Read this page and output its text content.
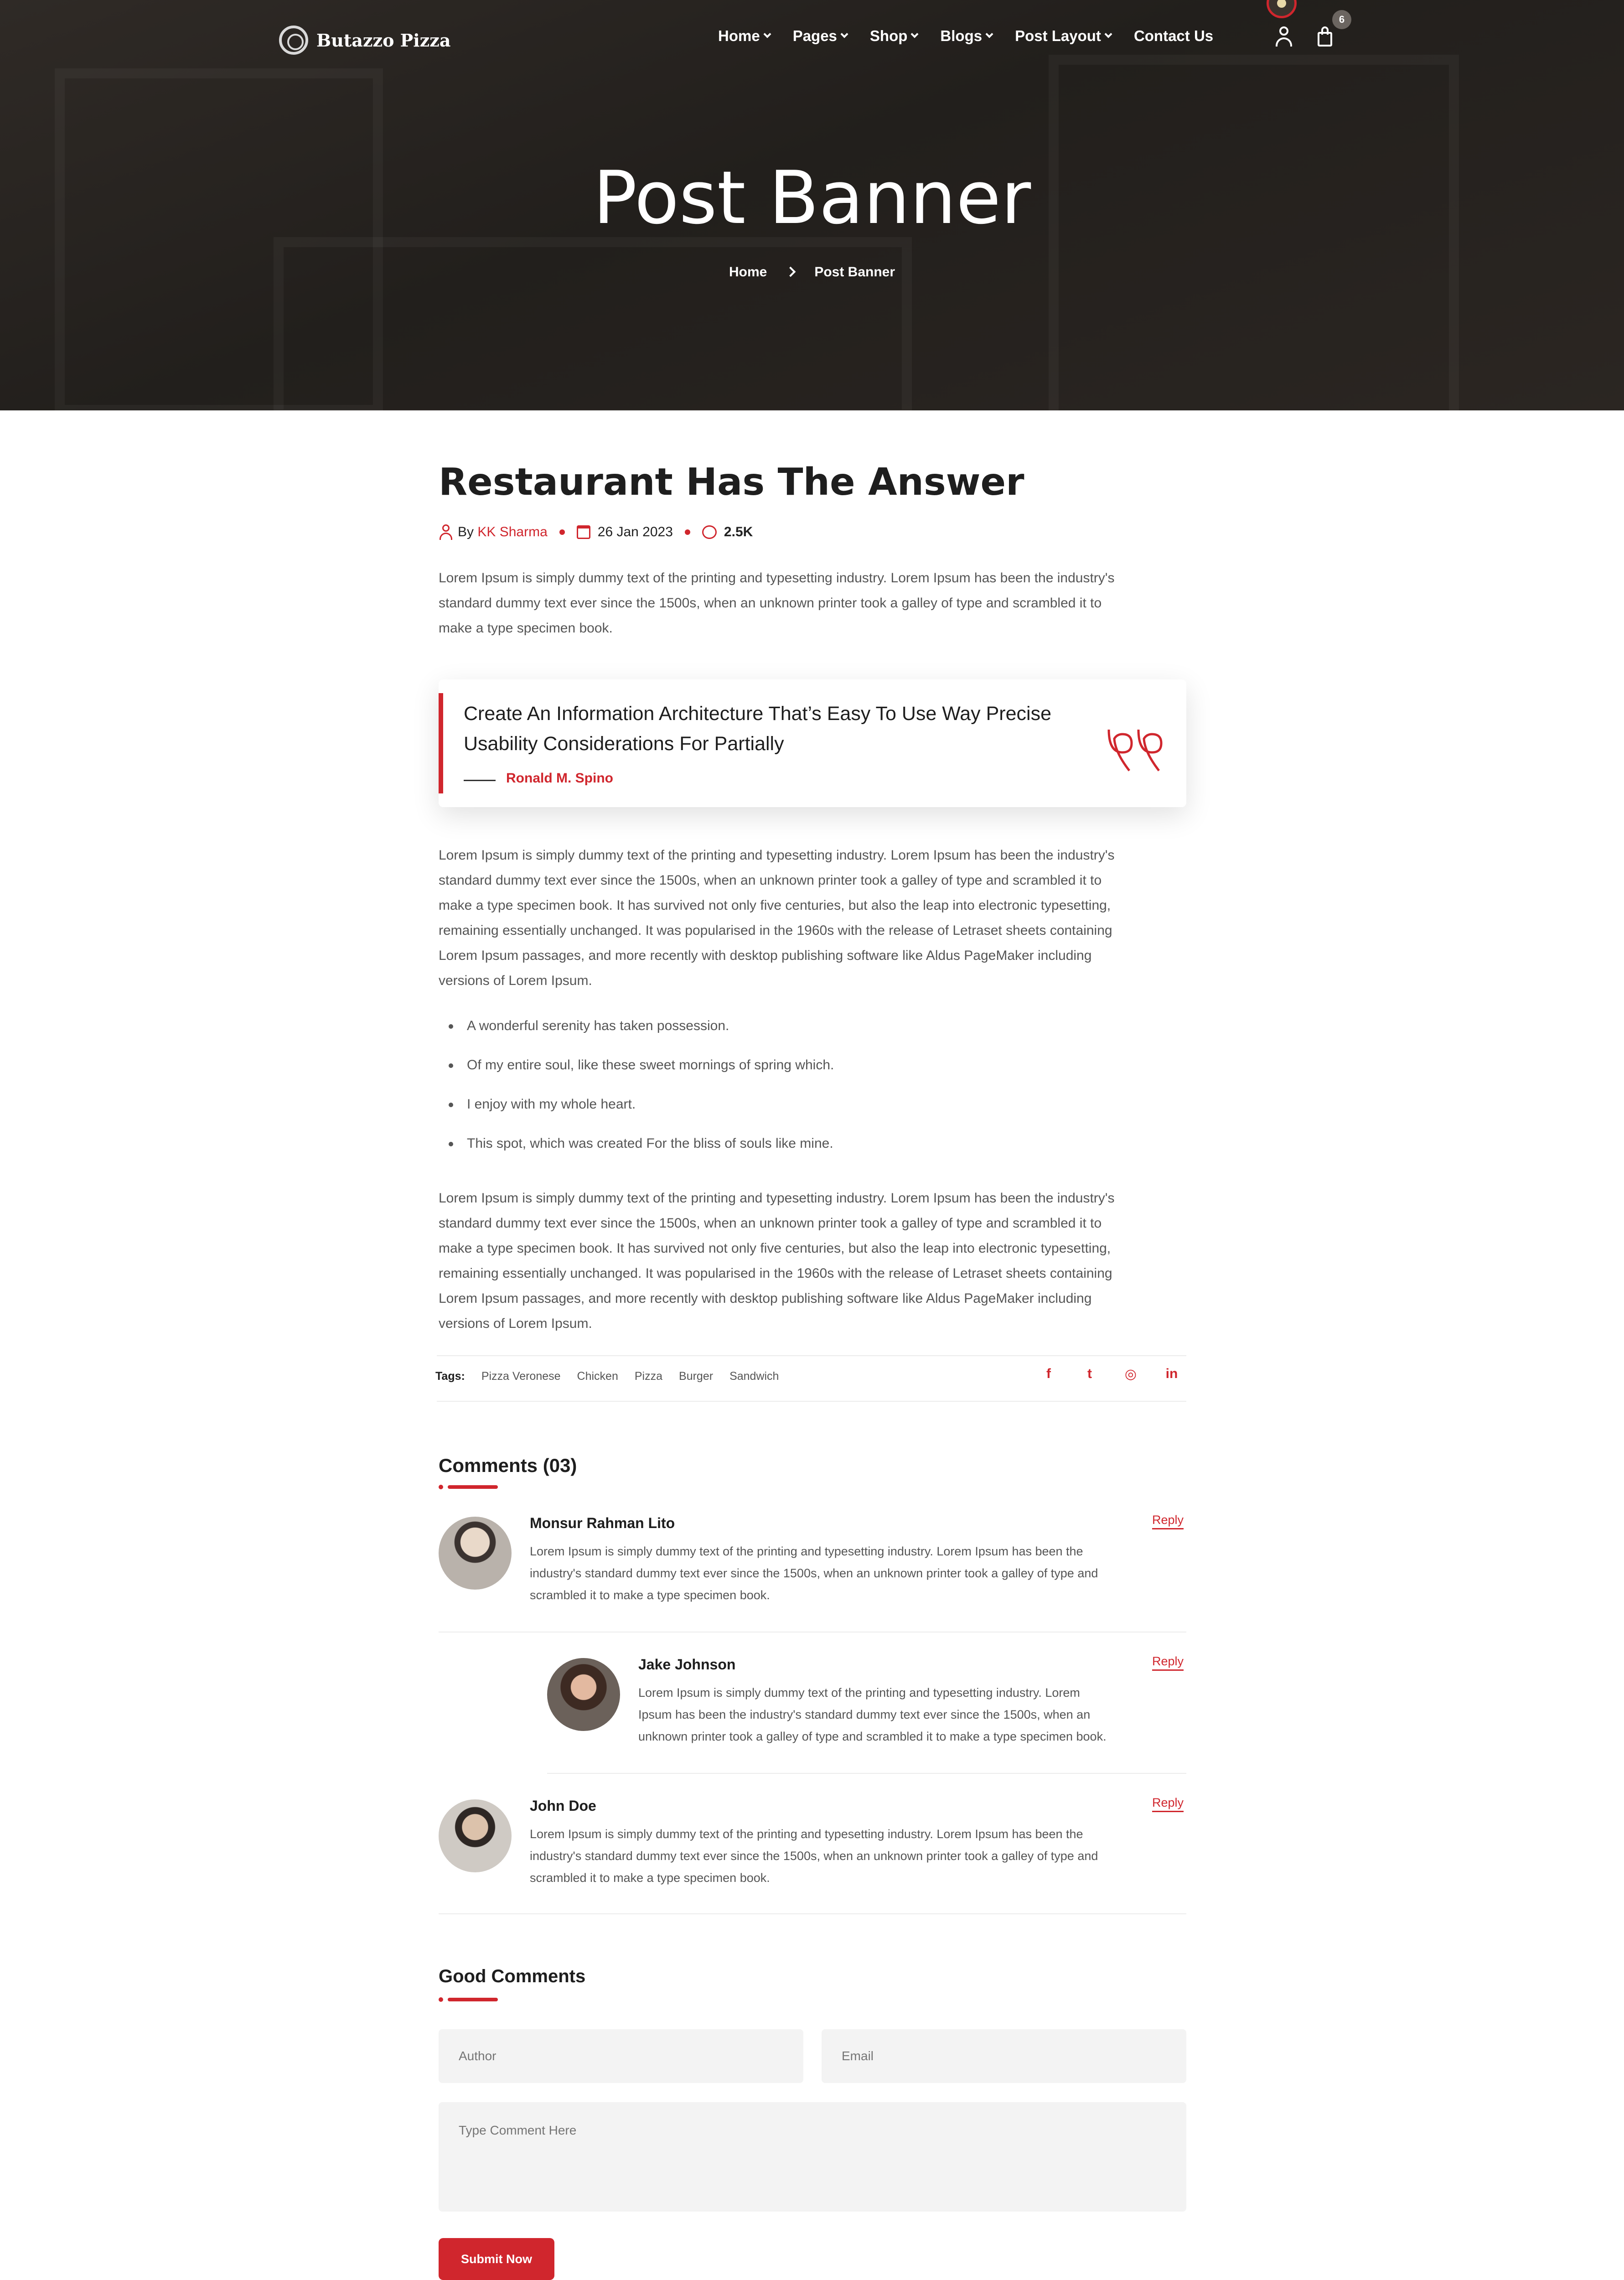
Butazzo Pizza	Home Pages Shop Blogs Post Layout Contact Us
6
Post Banner
Home	Post Banner
Restaurant Has The Answer
By KK Sharma	26 Jan 2023	2.5K
Lorem Ipsum is simply dummy text of the printing and typesetting industry. Lorem Ipsum has been the industry's
standard dummy text ever since the 1500s, when an unknown printer took a galley of type and scrambled it to
make a type specimen book.
Create An Information Architecture That’s Easy To Use Way Precise
Usability Considerations For Partially
Ronald M. Spino
Lorem Ipsum is simply dummy text of the printing and typesetting industry. Lorem Ipsum has been the industry's
standard dummy text ever since the 1500s, when an unknown printer took a galley of type and scrambled it to
make a type specimen book. It has survived not only five centuries, but also the leap into electronic typesetting,
remaining essentially unchanged. It was popularised in the 1960s with the release of Letraset sheets containing
Lorem Ipsum passages, and more recently with desktop publishing software like Aldus PageMaker including
versions of Lorem Ipsum.
A wonderful serenity has taken possession.
Of my entire soul, like these sweet mornings of spring which.
I enjoy with my whole heart.
This spot, which was created For the bliss of souls like mine.
Lorem Ipsum is simply dummy text of the printing and typesetting industry. Lorem Ipsum has been the industry's
standard dummy text ever since the 1500s, when an unknown printer took a galley of type and scrambled it to
make a type specimen book. It has survived not only five centuries, but also the leap into electronic typesetting,
remaining essentially unchanged. It was popularised in the 1960s with the release of Letraset sheets containing
Lorem Ipsum passages, and more recently with desktop publishing software like Aldus PageMaker including
versions of Lorem Ipsum.
Tags: Pizza Veronese Chicken Pizza Burger Sandwich	f	t	◎ in
Comments (03)
Monsur Rahman Lito	Reply
Lorem Ipsum is simply dummy text of the printing and typesetting industry. Lorem Ipsum has been the
industry's standard dummy text ever since the 1500s, when an unknown printer took a galley of type and
scrambled it to make a type specimen book.
Jake Johnson	Reply
Lorem Ipsum is simply dummy text of the printing and typesetting industry. Lorem
Ipsum has been the industry's standard dummy text ever since the 1500s, when an
unknown printer took a galley of type and scrambled it to make a type specimen book.
John Doe	Reply
Lorem Ipsum is simply dummy text of the printing and typesetting industry. Lorem Ipsum has been the
industry's standard dummy text ever since the 1500s, when an unknown printer took a galley of type and
scrambled it to make a type specimen book.
Good Comments
Author
Email
Type Comment Here
Submit Now
